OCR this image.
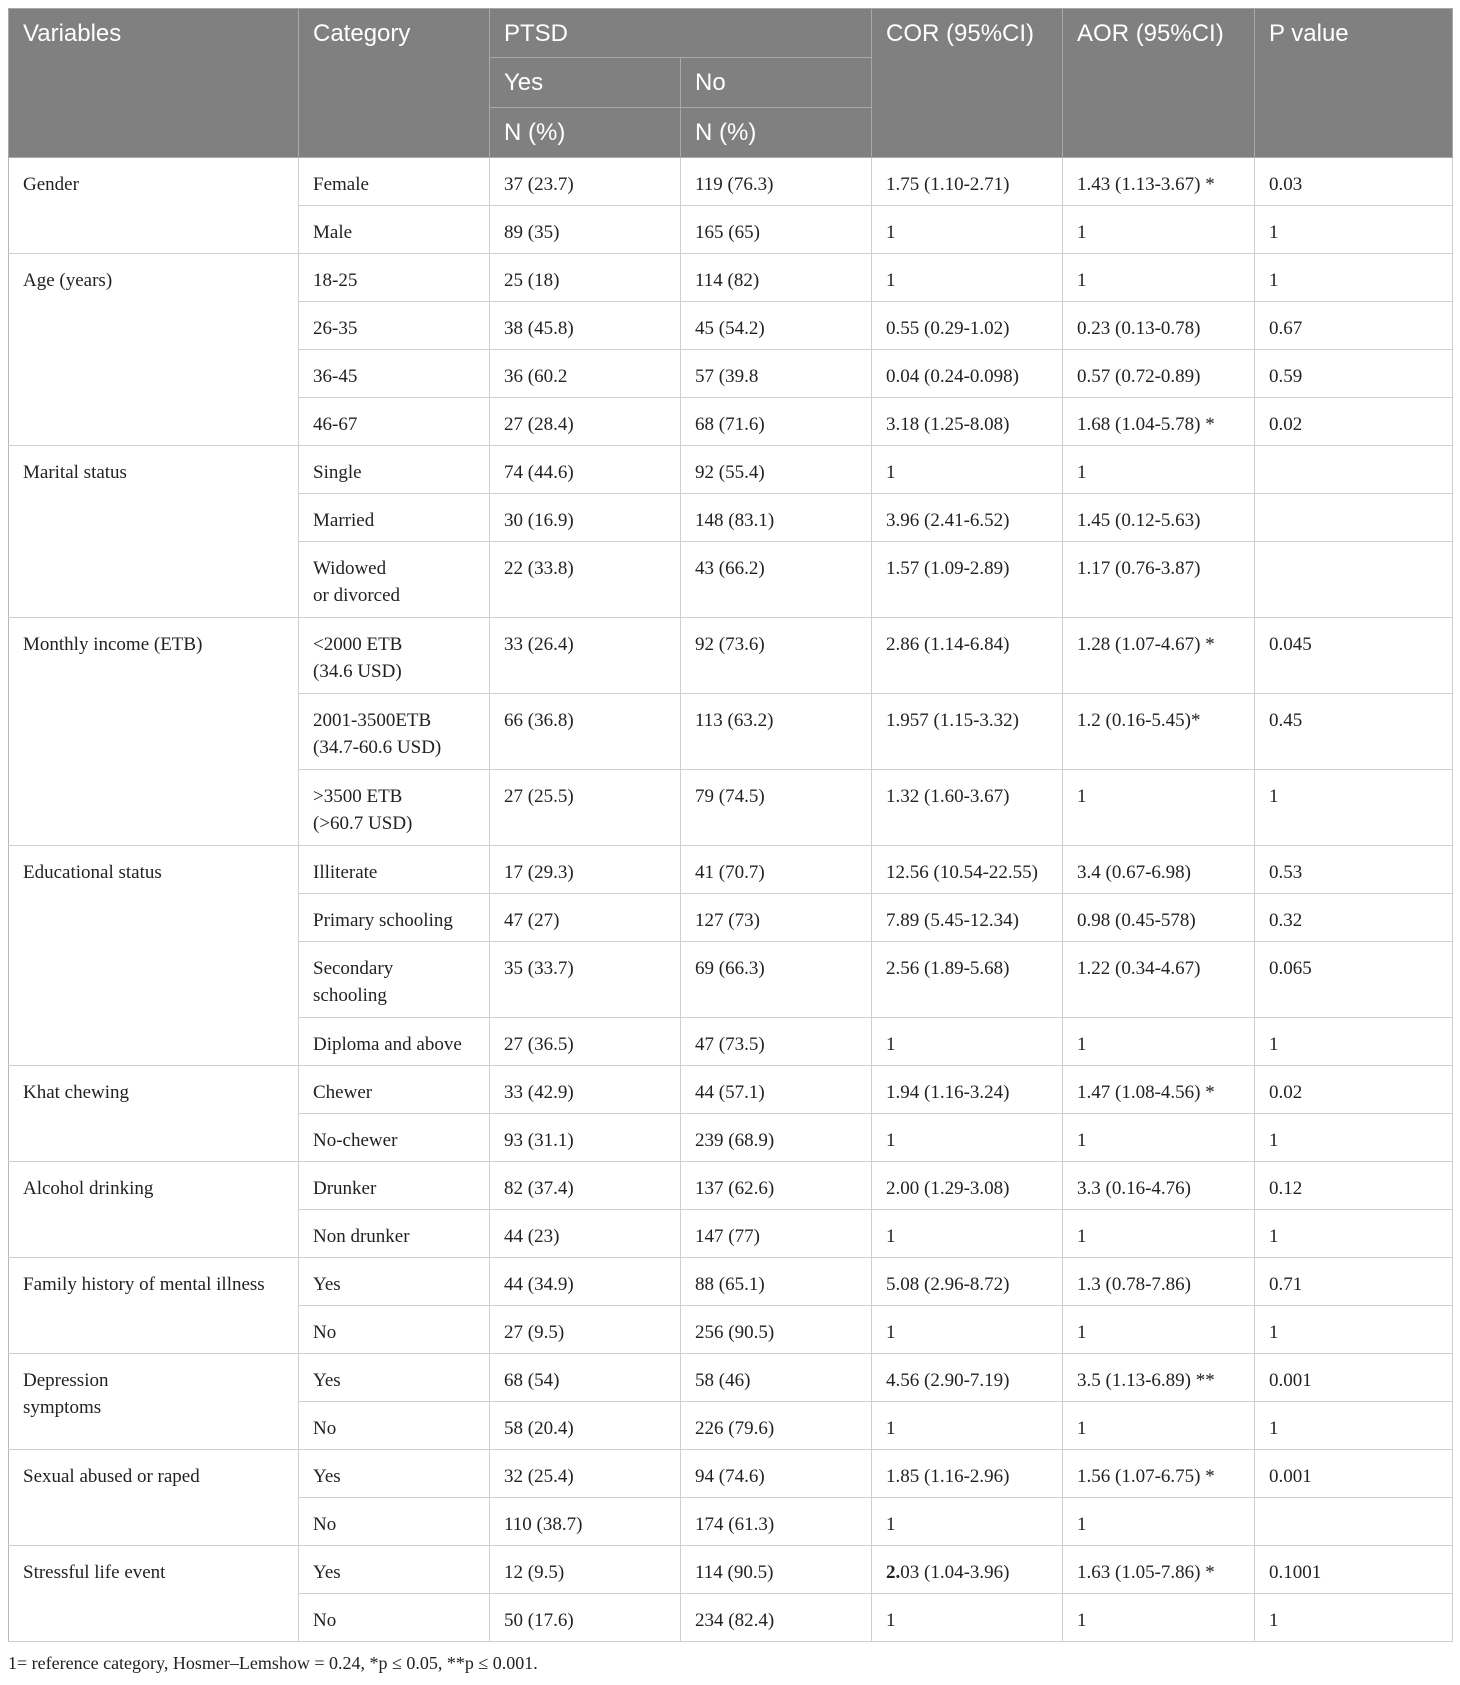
Variables	Category	PTSD		COR (95%CI)	AOR (95%CI)	P value
		Yes	No			
		N (%)	N (%)			
Gender	Female	37 (23.7)	119 (76.3)	1.75 (1.10-2.71)	1.43 (1.13-3.67) *	0.03
	Male	89 (35)	165 (65)	1	1	1
Age (years)	18-25	25 (18)	114 (82)	1	1	1
	26-35	38 (45.8)	45 (54.2)	0.55 (0.29-1.02)	0.23 (0.13-0.78)	0.67
	36-45	36 (60.2	57 (39.8	0.04 (0.24-0.098)	0.57 (0.72-0.89)	0.59
	46-67	27 (28.4)	68 (71.6)	3.18 (1.25-8.08)	1.68 (1.04-5.78) *	0.02
Marital status	Single	74 (44.6)	92 (55.4)	1	1	
	Married	30 (16.9)	148 (83.1)	3.96 (2.41-6.52)	1.45 (0.12-5.63)	
	Widowed
or divorced	22 (33.8)	43 (66.2)	1.57 (1.09-2.89)	1.17 (0.76-3.87)	
Monthly income (ETB)	<2000 ETB
(34.6 USD)	33 (26.4)	92 (73.6)	2.86 (1.14-6.84)	1.28 (1.07-4.67) *	0.045
	2001-3500ETB
(34.7-60.6 USD)	66 (36.8)	113 (63.2)	1.957 (1.15-3.32)	1.2 (0.16-5.45)*	0.45
	>3500 ETB
(>60.7 USD)	27 (25.5)	79 (74.5)	1.32 (1.60-3.67)	1	1
Educational status	Illiterate	17 (29.3)	41 (70.7)	12.56 (10.54-22.55)	3.4 (0.67-6.98)	0.53
	Primary schooling	47 (27)	127 (73)	7.89 (5.45-12.34)	0.98 (0.45-578)	0.32
	Secondary
schooling	35 (33.7)	69 (66.3)	2.56 (1.89-5.68)	1.22 (0.34-4.67)	0.065
	Diploma and above	27 (36.5)	47 (73.5)	1	1	1
Khat chewing	Chewer	33 (42.9)	44 (57.1)	1.94 (1.16-3.24)	1.47 (1.08-4.56) *	0.02
	No-chewer	93 (31.1)	239 (68.9)	1	1	1
Alcohol drinking	Drunker	82 (37.4)	137 (62.6)	2.00 (1.29-3.08)	3.3 (0.16-4.76)	0.12
	Non drunker	44 (23)	147 (77)	1	1	1
Family history of mental illness	Yes	44 (34.9)	88 (65.1)	5.08 (2.96-8.72)	1.3 (0.78-7.86)	0.71
	No	27 (9.5)	256 (90.5)	1	1	1
Depression
symptoms	Yes	68 (54)	58 (46)	4.56 (2.90-7.19)	3.5 (1.13-6.89) **	0.001
	No	58 (20.4)	226 (79.6)	1	1	1
Sexual abused or raped	Yes	32 (25.4)	94 (74.6)	1.85 (1.16-2.96)	1.56 (1.07-6.75) *	0.001
	No	110 (38.7)	174 (61.3)	1	1	
Stressful life event	Yes	12 (9.5)	114 (90.5)	2.03 (1.04-3.96)	1.63 (1.05-7.86) *	0.1001
	No	50 (17.6)	234 (82.4)	1	1	1
1= reference category, Hosmer–Lemshow = 0.24, *p ≤ 0.05, **p ≤ 0.001.
